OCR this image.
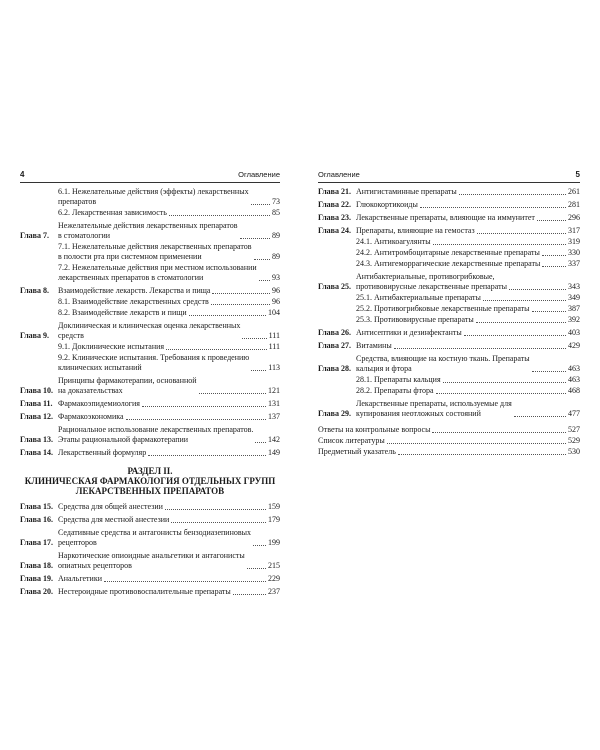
4	Оглавление
6.1. Нежелательные действия (эффекты) лекарственных
препаратов	73
6.2. Лекарственная зависимость	85
Глава 7.
Нежелательные действия лекарственных препаратов
в стоматологии	89
7.1. Нежелательные действия лекарственных препаратов
в полости рта при системном применении	89
7.2. Нежелательные действия при местном использовании
лекарственных препаратов в стоматологии	93
Глава 8.	Взаимодействие лекарств. Лекарства и пища	96
8.1. Взаимодействие лекарственных средств	96
8.2. Взаимодействие лекарств и пищи	104
Глава 9.
Доклиническая и клиническая оценка лекарственных
средств	111
9.1. Доклинические испытания	111
9.2. Клинические испытания. Требования к проведению
клинических испытаний	113
Глава 10.
Принципы фармакотерапии, основанной
на доказательствах	121
Глава 11. Фармакоэпидемиология	131
Глава 12. Фармакоэкономика	137
Глава 13.
Рациональное использование лекарственных препаратов.
Этапы рациональной фармакотерапии	142
Глава 14. Лекарственный формуляр	149
РАЗДЕЛ II.
КЛИНИЧЕСКАЯ ФАРМАКОЛОГИЯ ОТДЕЛЬНЫХ ГРУПП
ЛЕКАРСТВЕННЫХ ПРЕПАРАТОВ
Глава 15. Средства для общей анестезии	159
Глава 16. Средства для местной анестезии	179
Глава 17.
Седативные средства и антагонисты бензодиазепиновых
рецепторов	199
Глава 18.
Наркотические опиоидные анальгетики и антагонисты
опиатных рецепторов	215
Глава 19. Анальгетики	229
Глава 20. Нестероидные противовоспалительные препараты	237
Оглавление	5
Глава 21. Антигистаминные препараты	261
Глава 22. Глюкокортикоиды	281
Глава 23. Лекарственные препараты, влияющие на иммунитет	296
Глава 24. Препараты, влияющие на гемостаз	317
24.1. Антикоагулянты	319
24.2. Антитромбоцитарные лекарственные препараты	330
24.3. Антигеморрагические лекарственные препараты	337
Глава 25.
Антибактериальные, противогрибковые,
противовирусные лекарственные препараты	343
25.1. Антибактериальные препараты	349
25.2. Противогрибковые лекарственные препараты	387
25.3. Противовирусные препараты	392
Глава 26. Антисептики и дезинфектанты	403
Глава 27. Витамины	429
Глава 28.
Средства, влияющие на костную ткань. Препараты
кальция и фтора	463
28.1. Препараты кальция	463
28.2. Препараты фтора	468
Глава 29.
Лекарственные препараты, используемые для
купирования неотложных состояний	477
Ответы на контрольные вопросы	527
Список литературы	529
Предметный указатель	530
